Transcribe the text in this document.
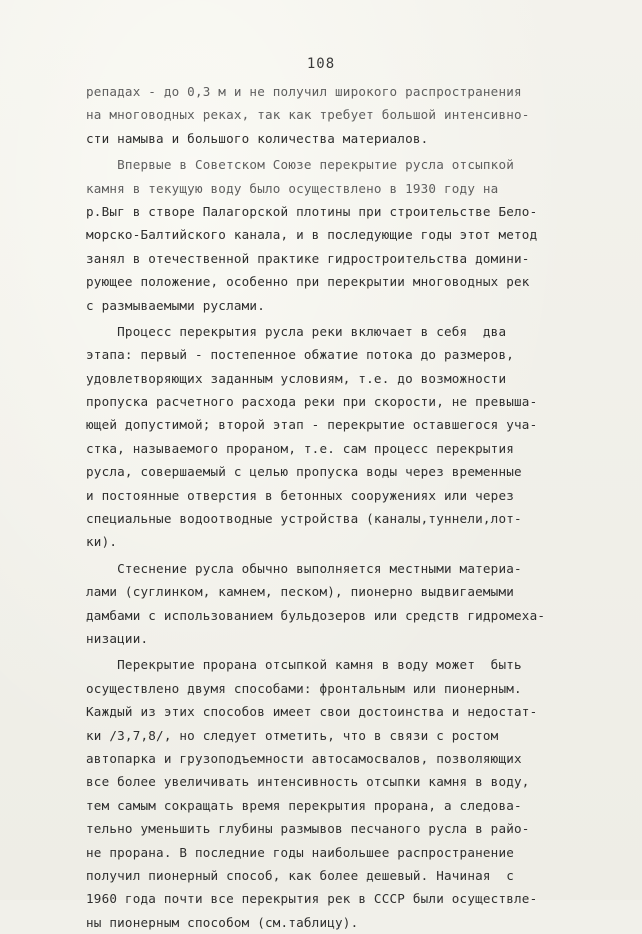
108
репадах - до 0,3 м и не получил широкого распространения
на многоводных реках, так как требует большой интенсивно-
сти намыва и большого количества материалов.
Впервые в Советском Союзе перекрытие русла отсыпкой
камня в текущую воду было осуществлено в 1930 году на
р.Выг в створе Палагорской плотины при строительстве Бело-
морско-Балтийского канала, и в последующие годы этот метод
занял в отечественной практике гидростроительства домини-
рующее положение, особенно при перекрытии многоводных рек
с размываемыми руслами.
Процесс перекрытия русла реки включает в себя  два
этапа: первый - постепенное обжатие потока до размеров,
удовлетворяющих заданным условиям, т.е. до возможности
пропуска расчетного расхода реки при скорости, не превыша-
ющей допустимой; второй этап - перекрытие оставшегося уча-
стка, называемого прораном, т.е. сам процесс перекрытия
русла, совершаемый с целью пропуска воды через временные
и постоянные отверстия в бетонных сооружениях или через
специальные водоотводные устройства (каналы,туннели,лот-
ки).
Стеснение русла обычно выполняется местными материа-
лами (суглинком, камнем, песком), пионерно выдвигаемыми
дамбами с использованием бульдозеров или средств гидромеха-
низации.
Перекрытие прорана отсыпкой камня в воду может  быть
осуществлено двумя способами: фронтальным или пионерным.
Каждый из этих способов имеет свои достоинства и недостат-
ки /3,7,8/, но следует отметить, что в связи с ростом
автопарка и грузоподъемности автосамосвалов, позволяющих
все более увеличивать интенсивность отсыпки камня в воду,
тем самым сокращать время перекрытия прорана, а следова-
тельно уменьшить глубины размывов песчаного русла в райо-
не прорана. В последние годы наибольшее распространение
получил пионерный способ, как более дешевый. Начиная  с
1960 года почти все перекрытия рек в СССР были осуществле-
ны пионерным способом (см.таблицу).
